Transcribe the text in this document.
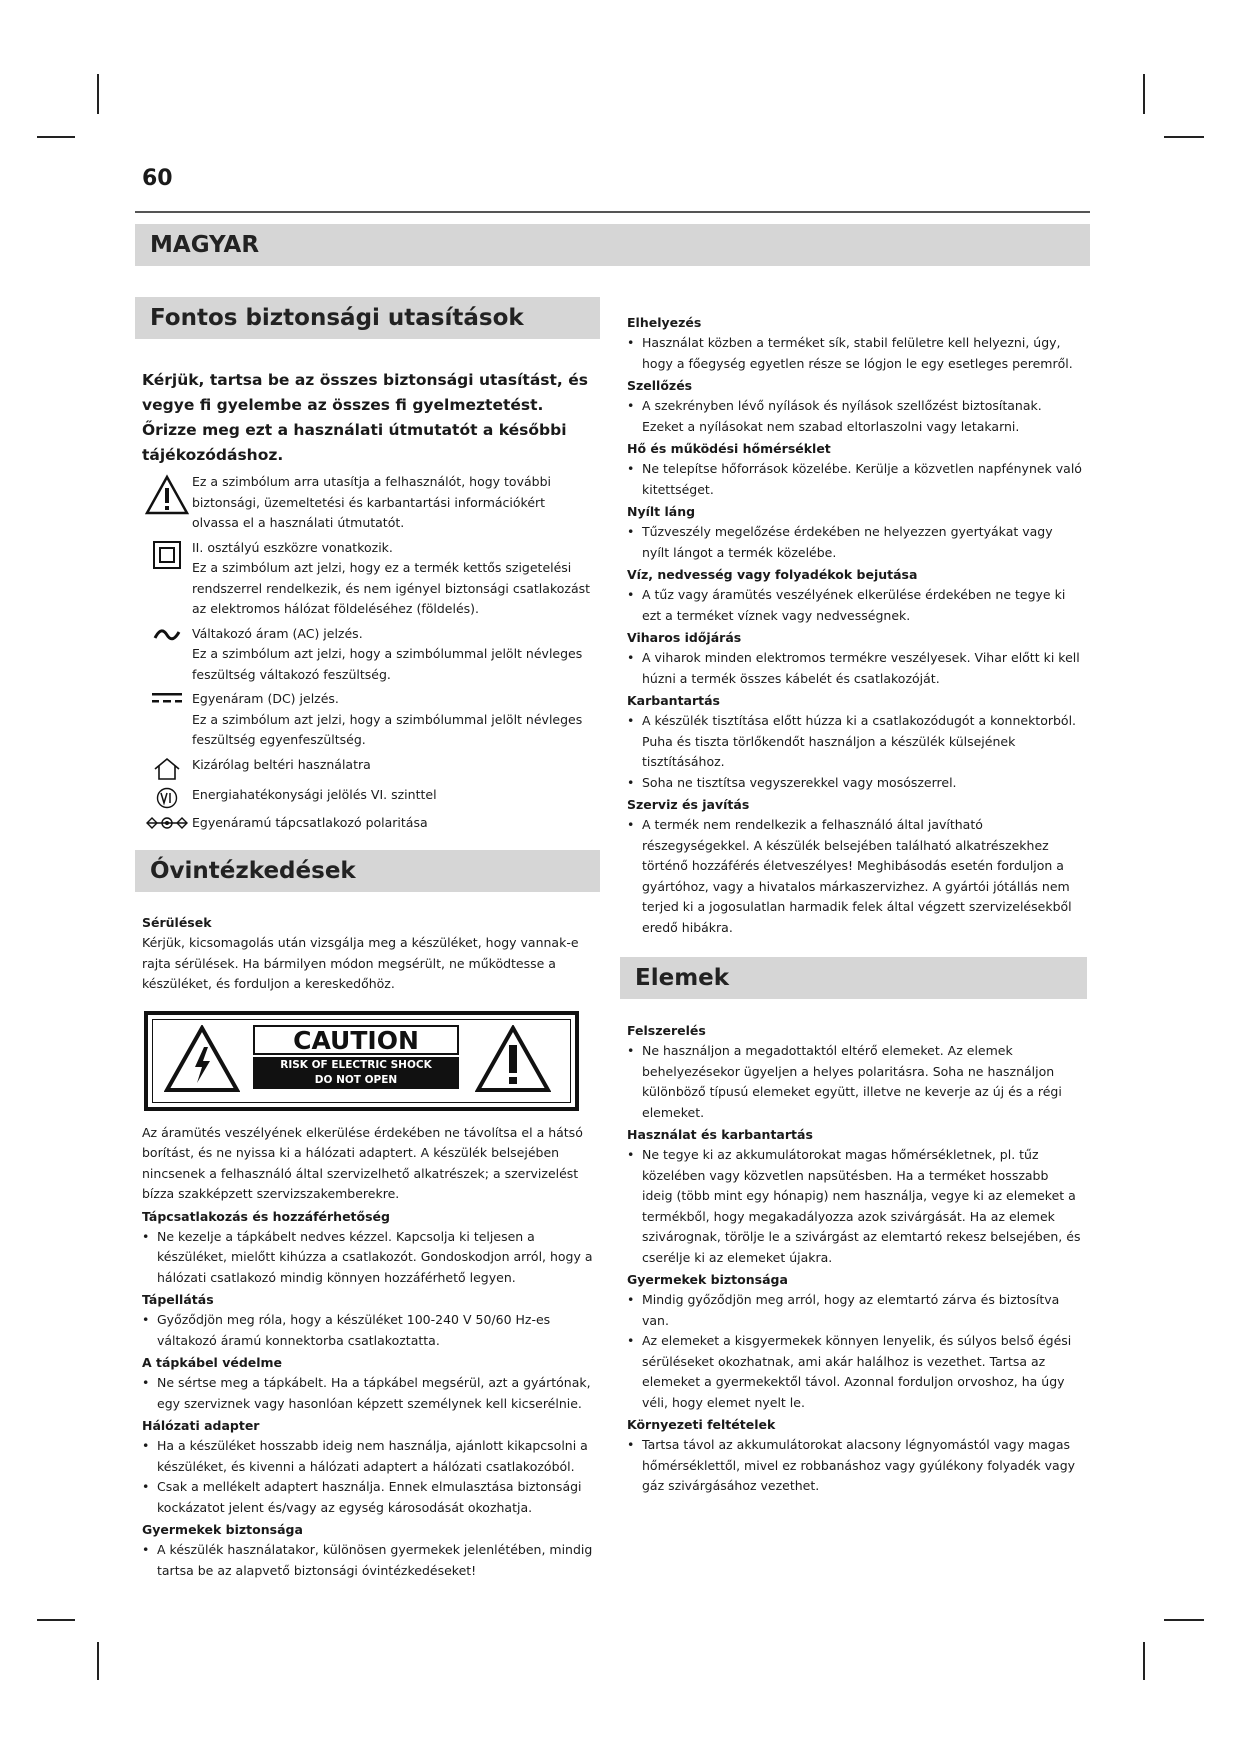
60
MAGYAR
Fontos biztonsági utasítások
Kérjük, tartsa be az összes biztonsági utasítást, és vegye fi gyelembe az összes fi gyelmeztetést. Őrizze meg ezt a használati útmutatót a későbbi tájékozódáshoz.
Ez a szimbólum arra utasítja a felhasználót, hogy további biztonsági, üzemeltetési és karbantartási információkért olvassa el a használati útmutatót.
II. osztályú eszközre vonatkozik.
Ez a szimbólum azt jelzi, hogy ez a termék kettős szigetelési rendszerrel rendelkezik, és nem igényel biztonsági csatlakozást az elektromos hálózat földeléséhez (földelés).
Váltakozó áram (AC) jelzés.
Ez a szimbólum azt jelzi, hogy a szimbólummal jelölt névleges feszültség váltakozó feszültség.
Egyenáram (DC) jelzés.
Ez a szimbólum azt jelzi, hogy a szimbólummal jelölt névleges feszültség egyenfeszültség.
Kizárólag beltéri használatra
Energiahatékonysági jelölés VI. szinttel
Egyenáramú tápcsatlakozó polaritása
Óvintézkedések
Sérülések
Kérjük, kicsomagolás után vizsgálja meg a készüléket, hogy vannak-e rajta sérülések. Ha bármilyen módon megsérült, ne működtesse a készüléket, és forduljon a kereskedőhöz.
CAUTION
RISK OF ELECTRIC SHOCK
DO NOT OPEN
Az áramütés veszélyének elkerülése érdekében ne távolítsa el a hátsó borítást, és ne nyissa ki a hálózati adaptert. A készülék belsejében nincsenek a felhasználó által szervizelhető alkatrészek; a szervizelést bízza szakképzett szervizszakemberekre.
Tápcsatlakozás és hozzáférhetőség
• Ne kezelje a tápkábelt nedves kézzel. Kapcsolja ki teljesen a készüléket, mielőtt kihúzza a csatlakozót. Gondoskodjon arról, hogy a hálózati csatlakozó mindig könnyen hozzáférhető legyen.
Tápellátás
• Győződjön meg róla, hogy a készüléket 100-240 V 50/60 Hz-es váltakozó áramú konnektorba csatlakoztatta.
A tápkábel védelme
• Ne sértse meg a tápkábelt. Ha a tápkábel megsérül, azt a gyártónak, egy szerviznek vagy hasonlóan képzett személynek kell kicserélnie.
Hálózati adapter
• Ha a készüléket hosszabb ideig nem használja, ajánlott kikapcsolni a készüléket, és kivenni a hálózati adaptert a hálózati csatlakozóból.
• Csak a mellékelt adaptert használja. Ennek elmulasztása biztonsági kockázatot jelent és/vagy az egység károsodását okozhatja.
Gyermekek biztonsága
• A készülék használatakor, különösen gyermekek jelenlétében, mindig tartsa be az alapvető biztonsági óvintézkedéseket!
Elhelyezés
• Használat közben a terméket sík, stabil felületre kell helyezni, úgy, hogy a főegység egyetlen része se lógjon le egy esetleges peremről.
Szellőzés
• A szekrényben lévő nyílások és nyílások szellőzést biztosítanak. Ezeket a nyílásokat nem szabad eltorlaszolni vagy letakarni.
Hő és működési hőmérséklet
• Ne telepítse hőforrások közelébe. Kerülje a közvetlen napfénynek való kitettséget.
Nyílt láng
• Tűzveszély megelőzése érdekében ne helyezzen gyertyákat vagy nyílt lángot a termék közelébe.
Víz, nedvesség vagy folyadékok bejutása
• A tűz vagy áramütés veszélyének elkerülése érdekében ne tegye ki ezt a terméket víznek vagy nedvességnek.
Viharos időjárás
• A viharok minden elektromos termékre veszélyesek. Vihar előtt ki kell húzni a termék összes kábelét és csatlakozóját.
Karbantartás
• A készülék tisztítása előtt húzza ki a csatlakozódugót a konnektorból. Puha és tiszta törlőkendőt használjon a készülék külsejének tisztításához.
• Soha ne tisztítsa vegyszerekkel vagy mosószerrel.
Szerviz és javítás
• A termék nem rendelkezik a felhasználó által javítható részegységekkel. A készülék belsejében található alkatrészekhez történő hozzáférés életveszélyes! Meghibásodás esetén forduljon a gyártóhoz, vagy a hivatalos márkaszervizhez. A gyártói jótállás nem terjed ki a jogosulatlan harmadik felek által végzett szervizelésekből eredő hibákra.
Elemek
Felszerelés
• Ne használjon a megadottaktól eltérő elemeket. Az elemek behelyezésekor ügyeljen a helyes polaritásra. Soha ne használjon különböző típusú elemeket együtt, illetve ne keverje az új és a régi elemeket.
Használat és karbantartás
• Ne tegye ki az akkumulátorokat magas hőmérsékletnek, pl. tűz közelében vagy közvetlen napsütésben. Ha a terméket hosszabb ideig (több mint egy hónapig) nem használja, vegye ki az elemeket a termékből, hogy megakadályozza azok szivárgását. Ha az elemek szivárognak, törölje le a szivárgást az elemtartó rekesz belsejében, és cserélje ki az elemeket újakra.
Gyermekek biztonsága
• Mindig győződjön meg arról, hogy az elemtartó zárva és biztosítva van.
• Az elemeket a kisgyermekek könnyen lenyelik, és súlyos belső égési sérüléseket okozhatnak, ami akár halálhoz is vezethet. Tartsa az elemeket a gyermekektől távol. Azonnal forduljon orvoshoz, ha úgy véli, hogy elemet nyelt le.
Környezeti feltételek
• Tartsa távol az akkumulátorokat alacsony légnyomástól vagy magas hőmérséklettől, mivel ez robbanáshoz vagy gyúlékony folyadék vagy gáz szivárgásához vezethet.
